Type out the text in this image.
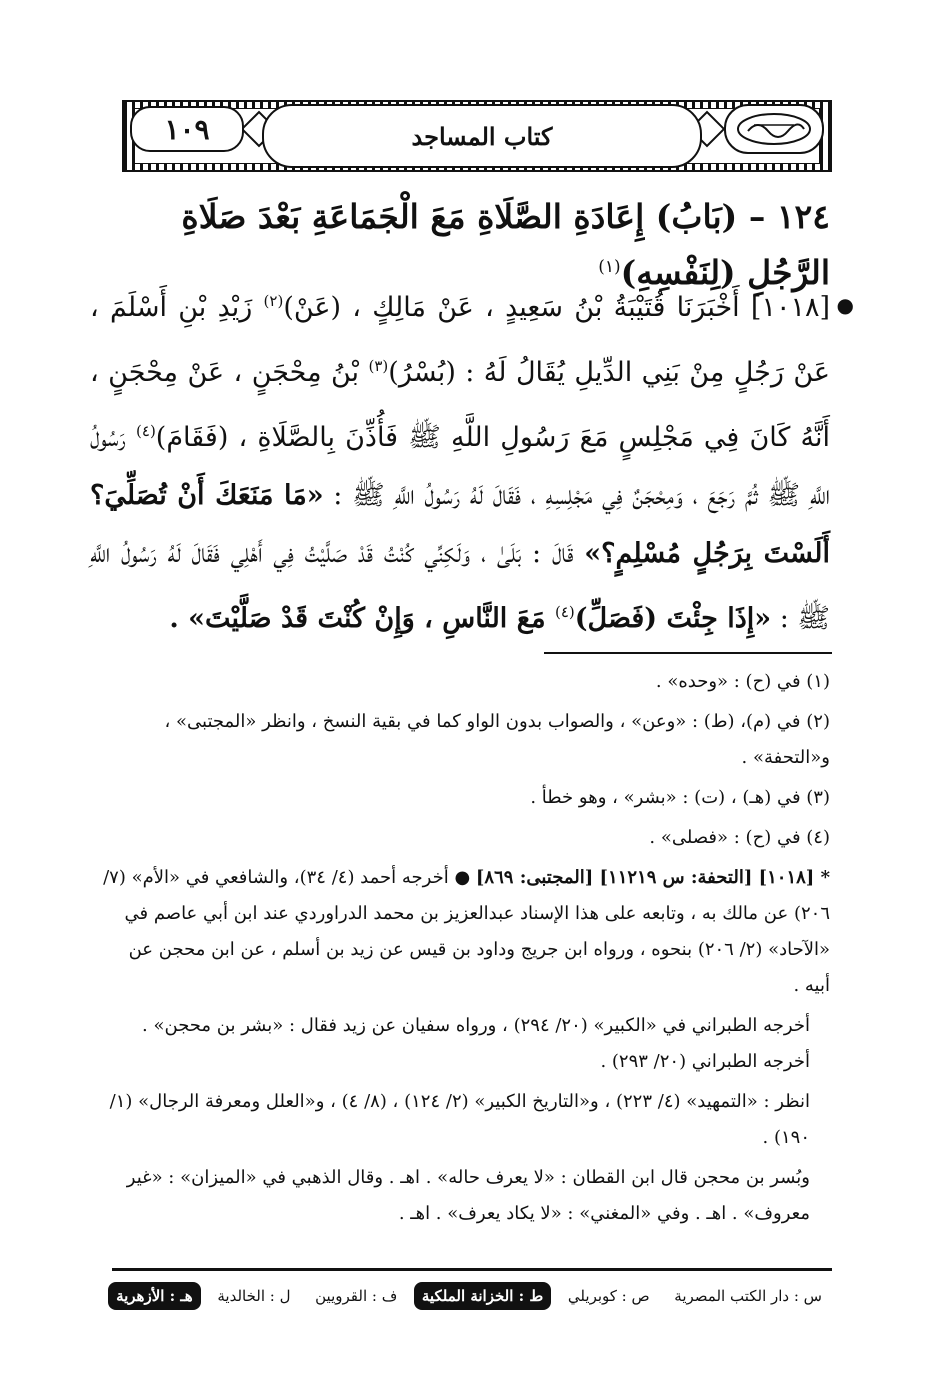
كتاب المساجد
١٠٩
١٢٤ – (بَابُ) إِعَادَةِ الصَّلَاةِ مَعَ الْجَمَاعَةِ بَعْدَ صَلَاةِ الرَّجُلِ (لِنَفْسِهِ)$^{(١)}$
●
[١٠١٨] أَخْبَرَنَا قُتَيْبَةُ بْنُ سَعِيدٍ ، عَنْ مَالِكٍ ، (عَنْ)$^{(٢)}$ زَيْدِ بْنِ أَسْلَمَ ، عَنْ رَجُلٍ مِنْ بَنِي الدِّيلِ يُقَالُ لَهُ : (بُسْرُ)$^{(٣)}$ بْنُ مِحْجَنٍ ، عَنْ مِحْجَنٍ ، أَنَّهُ كَانَ فِي مَجْلِسٍ مَعَ رَسُولِ اللَّهِ ﷺ فَأُذِّنَ بِالصَّلَاةِ ، (فَقَامَ)$^{(٤)}$ رَسُولُ اللَّهِ ﷺ ثُمَّ رَجَعَ ، وَمِحْجَنٌ فِي مَجْلِسِهِ ، فَقَالَ لَهُ رَسُولُ اللَّهِ ﷺ : «مَا مَنَعَكَ أَنْ تُصَلِّيَ؟ أَلَسْتَ بِرَجُلٍ مُسْلِمٍ؟» قَالَ : بَلَىٰ ، وَلَكِنِّي كُنْتُ قَدْ صَلَّيْتُ فِي أَهْلِي فَقَالَ لَهُ رَسُولُ اللَّهِ ﷺ : «إِذَا جِئْتَ (فَصَلِّ)$^{(٤)}$ مَعَ النَّاسِ ، وَإِنْ كُنْتَ قَدْ صَلَّيْتَ» .

(١) في (ح) : «وحده» .

(٢) في (م)، (ط) : «وعن» ، والصواب بدون الواو كما في بقية النسخ ، وانظر «المجتبى» ، و«التحفة» .

(٣) في (هـ) ، (ت) : «بشر» ، وهو خطأ .

(٤) في (ح) : «فصلى» .

* [١٠١٨] [التحفة: س ١١٢١٩] [المجتبى: ٨٦٩] ● أخرجه أحمد (٤/ ٣٤)، والشافعي في «الأم» (٧/ ٢٠٦) عن مالك به ، وتابعه على هذا الإسناد عبدالعزيز بن محمد الدراوردي عند ابن أبي عاصم في «الآحاد» (٢/ ٢٠٦) بنحوه ، ورواه ابن جريج وداود بن قيس عن زيد بن أسلم ، عن ابن محجن عن أبيه .

أخرجه الطبراني في «الكبير» (٢٠/ ٢٩٤) ، ورواه سفيان عن زيد فقال : «بشر بن محجن» . أخرجه الطبراني (٢٠/ ٢٩٣) .

انظر : «التمهيد» (٤/ ٢٢٣) ، و«التاريخ الكبير» (٢/ ١٢٤) ، (٨/ ٤) ، و«العلل ومعرفة الرجال» (١/ ١٩٠) .

وبُسر بن محجن قال ابن القطان : «لا يعرف حاله» . اهـ . وقال الذهبي في «الميزان» : «غير معروف» . اهـ . وفي «المغني» : «لا يكاد يعرف» . اهـ .

س : دار الكتب المصرية
ص : كوبريلي
ط : الخزانة الملكية
ف : القرويين
ل : الخالدية
هـ : الأزهرية
